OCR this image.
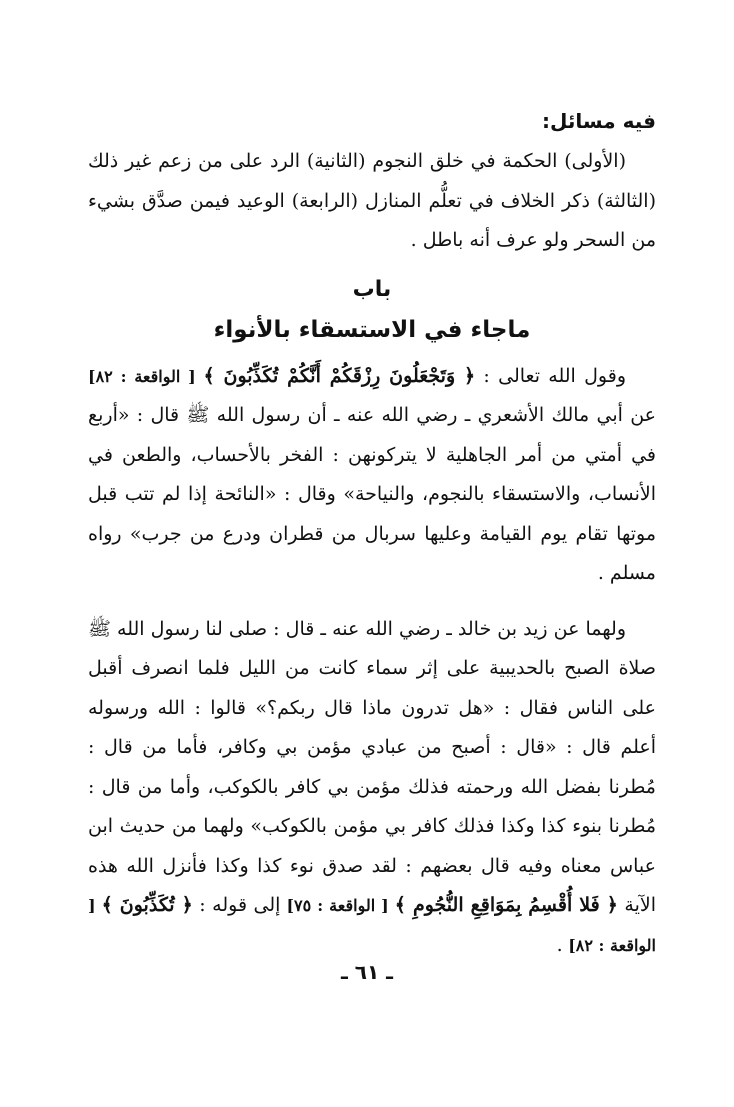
فيه مسائل:

(الأولى) الحكمة في خلق النجوم (الثانية) الرد على من زعم غير ذلك (الثالثة) ذكر الخلاف في تعلُّم المنازل (الرابعة) الوعيد فيمن صدَّق بشيء من السحر ولو عرف أنه باطل .

باب
ماجاء في الاستسقاء بالأنواء

وقول الله تعالى : ﴿ وَتَجْعَلُونَ رِزْقَكُمْ أَنَّكُمْ تُكَذِّبُونَ ﴾ [ الواقعة : ٨٢] عن أبي مالك الأشعري ـ رضي الله عنه ـ أن رسول الله ﷺ قال : «أربع في أمتي من أمر الجاهلية لا يتركونهن : الفخر بالأحساب، والطعن في الأنساب، والاستسقاء بالنجوم، والنياحة» وقال : «النائحة إذا لم تتب قبل موتها تقام يوم القيامة وعليها سربال من قطران ودرع من جرب» رواه مسلم .

ولهما عن زيد بن خالد ـ رضي الله عنه ـ قال : صلى لنا رسول الله ﷺ صلاة الصبح بالحديبية على إثر سماء كانت من الليل فلما انصرف أقبل على الناس فقال : «هل تدرون ماذا قال ربكم؟» قالوا : الله ورسوله أعلم قال : «قال : أصبح من عبادي مؤمن بي وكافر، فأما من قال : مُطرنا بفضل الله ورحمته فذلك مؤمن بي كافر بالكوكب، وأما من قال : مُطرنا بنوء كذا وكذا فذلك كافر بي مؤمن بالكوكب» ولهما من حديث ابن عباس معناه وفيه قال بعضهم : لقد صدق نوء كذا وكذا فأنزل الله هذه الآية ﴿ فَلا أُقْسِمُ بِمَوَاقِعِ النُّجُومِ ﴾ [ الواقعة : ٧٥] إلى قوله : ﴿ تُكَذِّبُونَ ﴾ [ الواقعة : ٨٢] .

ـ ٦١ ـ
